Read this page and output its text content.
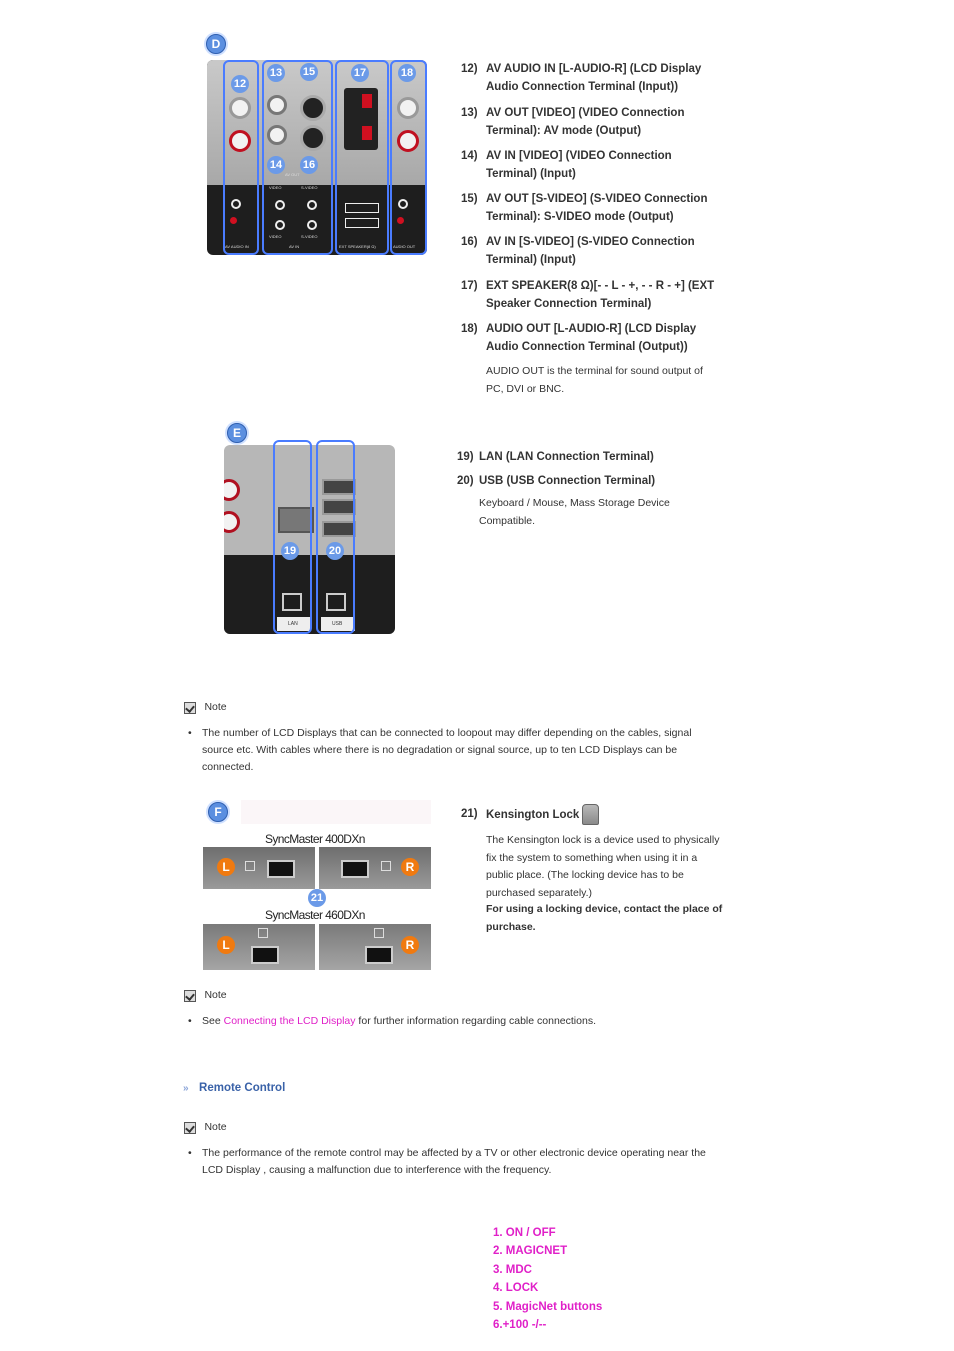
D
AV OUT
VIDEO	S-VIDEO
VIDEO	S-VIDEO
AV AUDIO IN	AV IN	EXT SPEAKER(8 Ω)	AUDIO OUT
12
13 15	17	18
14 16
12) AV AUDIO IN [L-AUDIO-R] (LCD Display Audio Connection Terminal (Input))
13) AV OUT [VIDEO] (VIDEO Connection Terminal): AV mode (Output)
14) AV IN [VIDEO] (VIDEO Connection Terminal) (Input)
15) AV OUT [S-VIDEO] (S-VIDEO Connection Terminal): S-VIDEO mode (Output)
16) AV IN [S-VIDEO] (S-VIDEO Connection Terminal) (Input)
17) EXT SPEAKER(8 Ω)[- - L - +, - - R - +] (EXT Speaker Connection Terminal)
18) AUDIO OUT [L-AUDIO-R] (LCD Display Audio Connection Terminal (Output))
AUDIO OUT is the terminal for sound output of PC, DVI or BNC.
E
LAN	USB
19	20
19) LAN (LAN Connection Terminal)
20) USB (USB Connection Terminal)
Keyboard / Mouse, Mass Storage Device Compatible.
Note
• The number of LCD Displays that can be connected to loopout may differ depending on the cables, signal source etc. With cables where there is no degradation or signal source, up to ten LCD Displays can be connected.
F
SyncMaster 400DXn
L	R
21
SyncMaster 460DXn
L	R
21) Kensington Lock
The Kensington lock is a device used to physically fix the system to something when using it in a public place. (The locking device has to be purchased separately.)
For using a locking device, contact the place of purchase.
Note
• See Connecting the LCD Display for further information regarding cable connections.
» Remote Control
Note
• The performance of the remote control may be affected by a TV or other electronic device operating near the LCD Display , causing a malfunction due to interference with the frequency.
1. ON / OFF
2. MAGICNET
3. MDC
4. LOCK
5. MagicNet buttons
6.+100 -/--
